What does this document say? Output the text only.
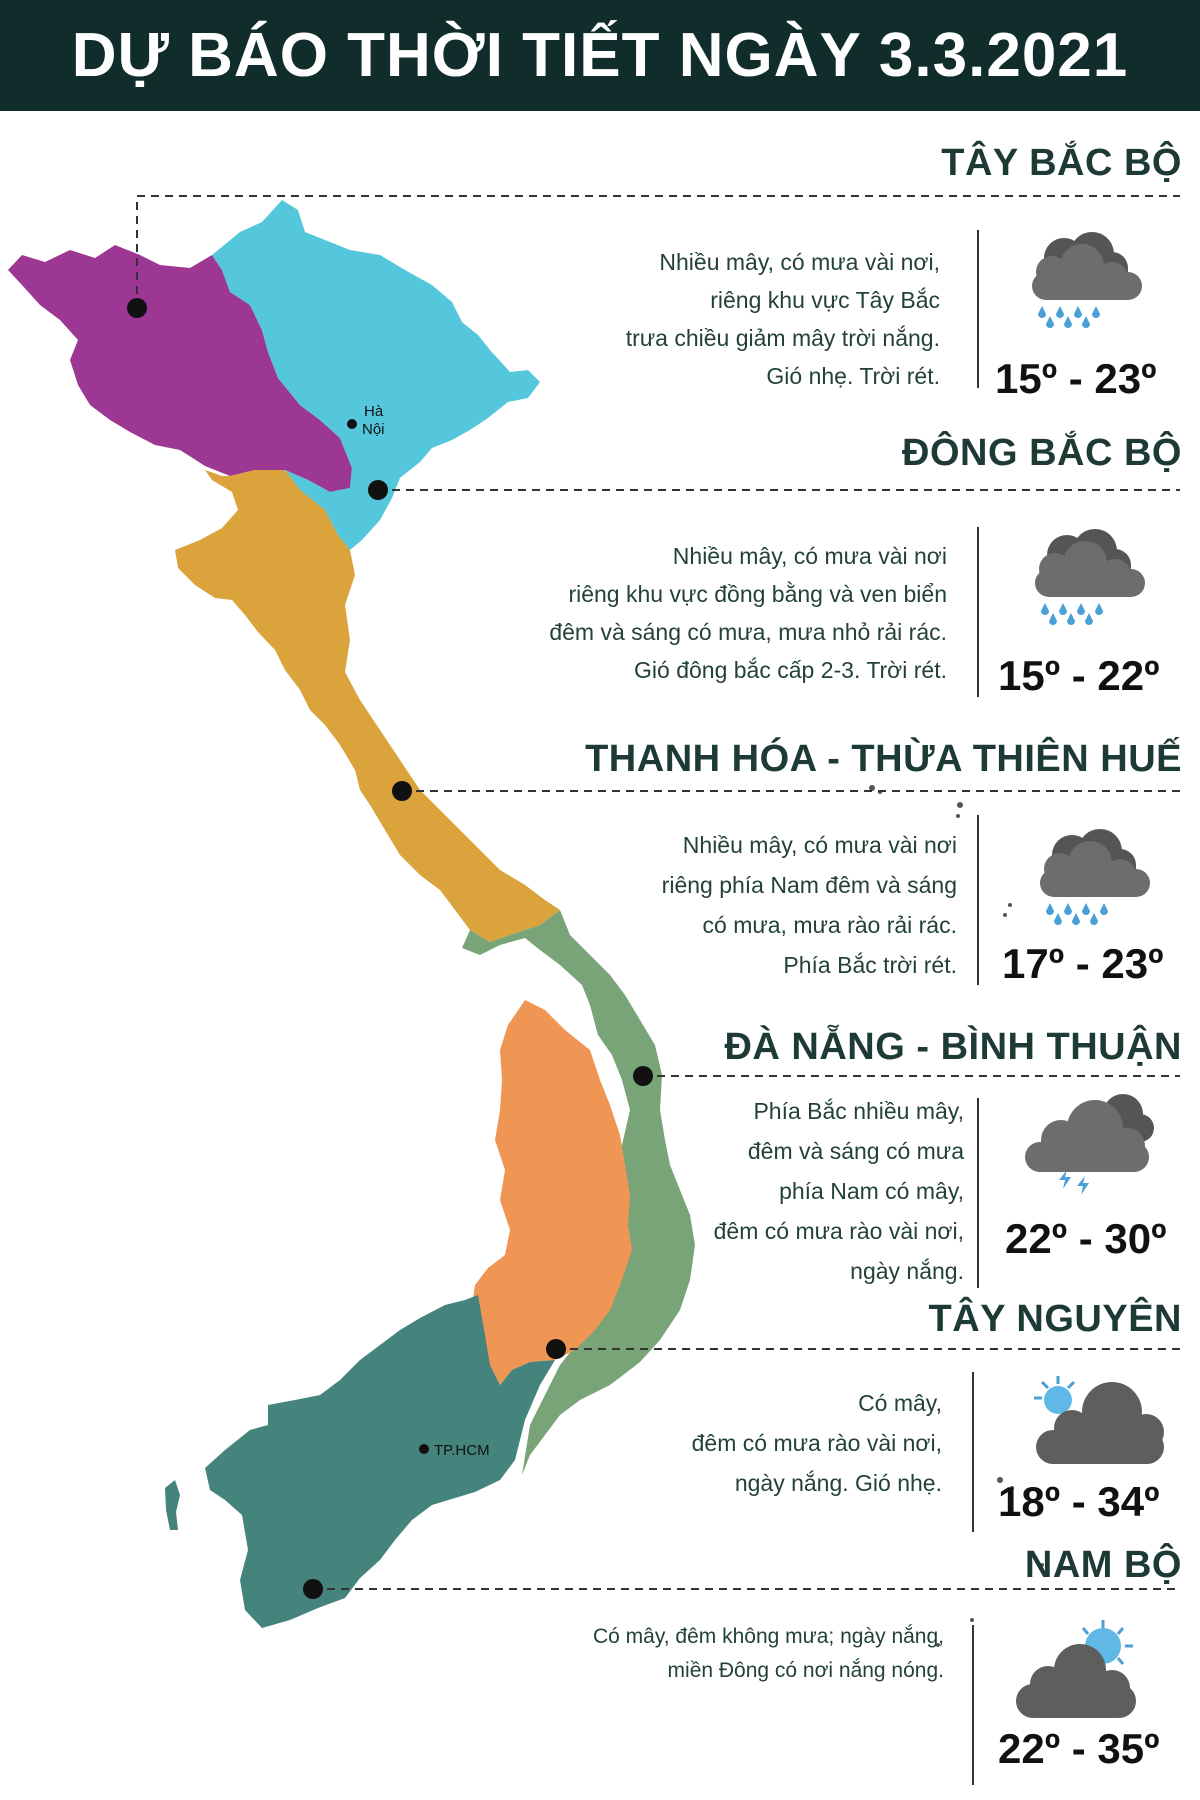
Hà
Nội
TP.HCM
DỰ BÁO THỜI TIẾT NGÀY 3.3.2021
TÂY BẮC BỘ
Nhiều mây, có mưa vài nơi,
riêng khu vực Tây Bắc
trưa chiều giảm mây trời nắng.
Gió nhẹ. Trời rét. 15º - 23º
ĐÔNG BẮC BỘ
Nhiều mây, có mưa vài nơi
riêng khu vực đồng bằng và ven biển
đêm và sáng có mưa, mưa nhỏ rải rác.
Gió đông bắc cấp 2-3. Trời rét. 15º - 22º
THANH HÓA - THỪA THIÊN HUẾ
Nhiều mây, có mưa vài nơi
riêng phía Nam đêm và sáng
có mưa, mưa rào rải rác.
Phía Bắc trời rét. 17º - 23º
ĐÀ NẴNG - BÌNH THUẬN
Phía Bắc nhiều mây,
đêm và sáng có mưa
phía Nam có mây,
đêm có mưa rào vài nơi,
ngày nắng.
22º - 30º
TÂY NGUYÊN
Có mây,
đêm có mưa rào vài nơi,
ngày nắng. Gió nhẹ. 18º - 34º
NAM BỘ
Có mây, đêm không mưa; ngày nắng,
miền Đông có nơi nắng nóng.
22º - 35º
